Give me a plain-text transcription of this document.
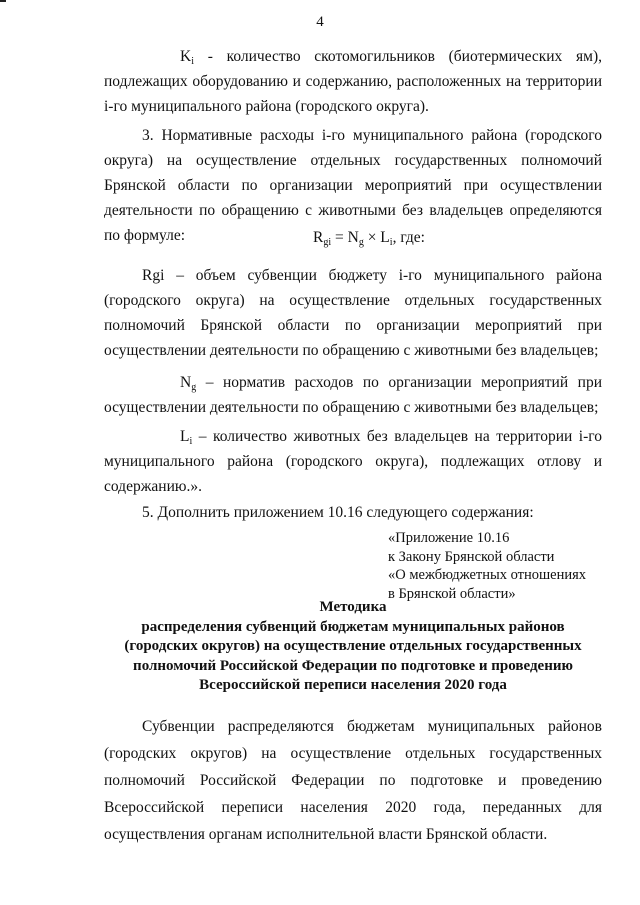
4
$K_i$ - количество скотомогильников (биотермических ям), подлежащих оборудованию и содержанию, расположенных на территории i-го муниципального района (городского округа).
3. Нормативные расходы i-го муниципального района (городского округа) на осуществление отдельных государственных полномочий Брянской области по организации мероприятий при осуществлении деятельности по обращению с животными без владельцев определяются по формуле:	$R_{gi} = N_g \times L_i$, где:
Rgi – объем субвенции бюджету i-го муниципального района (городского округа) на осуществление отдельных государственных полномочий Брянской области по организации мероприятий при осуществлении деятельности по обращению с животными без владельцев;
$N_g$ – норматив расходов по организации мероприятий при осуществлении деятельности по обращению с животными без владельцев;
$L_i$ – количество животных без владельцев на территории i-го муниципального района (городского округа), подлежащих отлову и содержанию.».
5. Дополнить приложением 10.16 следующего содержания:
«Приложение 10.16
к Закону Брянской области
«О межбюджетных отношениях
в Брянской области»
Методика
распределения субвенций бюджетам муниципальных районов (городских округов) на осуществление отдельных государственных полномочий Российской Федерации по подготовке и проведению Всероссийской переписи населения 2020 года
Субвенции распределяются бюджетам муниципальных районов (городских округов) на осуществление отдельных государственных полномочий Российской Федерации по подготовке и проведению Всероссийской переписи населения 2020 года, переданных для осуществления органам исполнительной власти Брянской области.
